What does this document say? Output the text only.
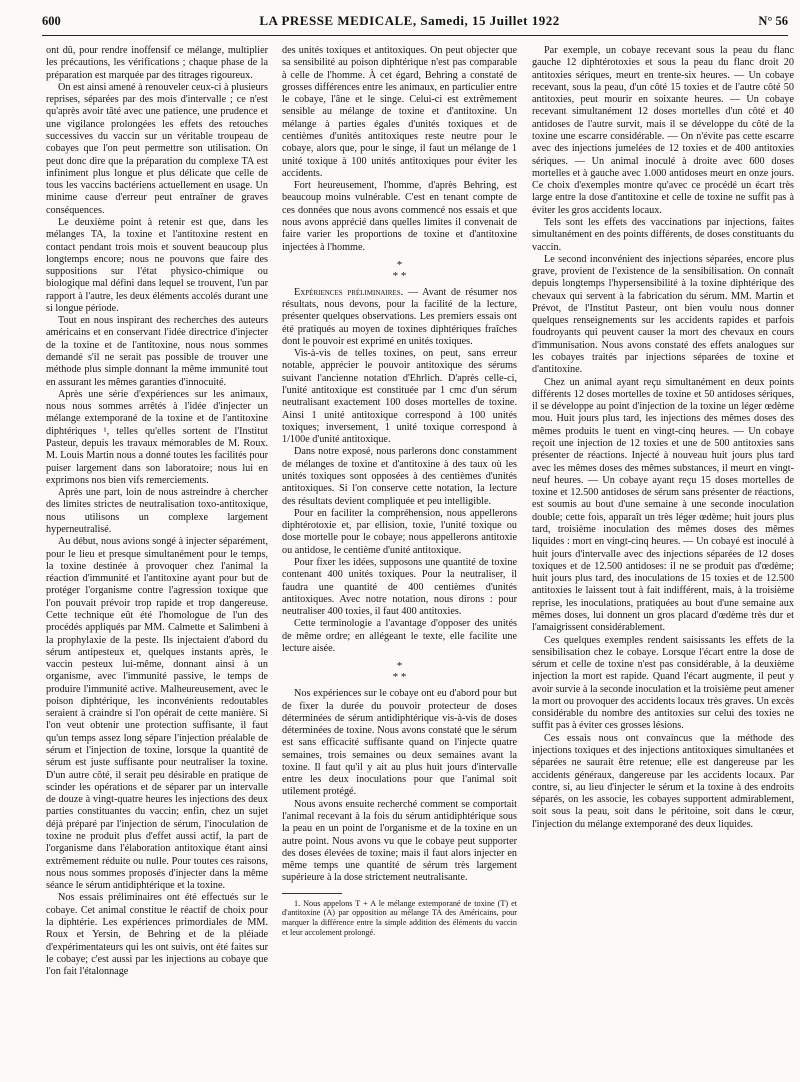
600	LA PRESSE MEDICALE, Samedi, 15 Juillet 1922	N° 56

ont dû, pour rendre inoffensif ce mélange, multiplier les précautions, les vérifications ; chaque phase de la préparation est marquée par des titrages rigoureux.

On est ainsi amené à renouveler ceux-ci à plusieurs reprises, séparées par des mois d'intervalle ; ce n'est qu'après avoir tâté avec une patience, une prudence et une vigilance prolongées les effets des retouches successives du vaccin sur un véritable troupeau de cobayes que l'on peut permettre son utilisation. On peut donc dire que la préparation du complexe TA est infiniment plus longue et plus délicate que celle de tous les vaccins bactériens actuellement en usage. Un minime cause d'erreur peut entraîner de graves conséquences.

Le deuxième point à retenir est que, dans les mélanges TA, la toxine et l'antitoxine restent en contact pendant trois mois et souvent beaucoup plus longtemps encore; nous ne pouvons que faire des suppositions sur l'état physico-chimique ou biologique mal défini dans lequel se trouvent, l'un par rapport à l'autre, les deux éléments accolés durant une si longue période.

Tout en nous inspirant des recherches des auteurs américains et en conservant l'idée directrice d'injecter de la toxine et de l'antitoxine, nous nous sommes demandé s'il ne serait pas possible de trouver une méthode plus simple donnant la même immunité tout en assurant les mêmes garanties d'innocuité.

Après une série d'expériences sur les animaux, nous nous sommes arrêtés à l'idée d'injecter un mélange extemporané de la toxine et de l'antitoxine diphtériques ¹, telles qu'elles sortent de l'Institut Pasteur, depuis les travaux mémorables de M. Roux. M. Louis Martin nous a donné toutes les facilités pour puiser largement dans son laboratoire; nous lui en exprimons nos bien vifs remerciements.

Après une part, loin de nous astreindre à chercher des limites strictes de neutralisation toxo-antitoxique, nous utilisons un complexe largement hyperneutralisé.

Au début, nous avions songé à injecter séparément, pour le lieu et presque simultanément pour le temps, la toxine destinée à provoquer chez l'animal la réaction d'immunité et l'antitoxine ayant pour but de protéger l'organisme contre l'agression toxique que l'on pouvait prévoir trop rapide et trop dangereuse. Cette technique eût été l'homologue de l'un des procédés appliqués par MM. Calmette et Salimbeni à la prophylaxie de la peste. Ils injectaient d'abord du sérum antipesteux et, quelques instants après, le vaccin pesteux lui-même, donnant ainsi à un organisme, avec l'immunité passive, le temps de produire l'immunité active. Malheureusement, avec le poison diphtérique, les inconvénients redoutables seraient à craindre si l'on opérait de cette manière. Si l'on veut obtenir une protection suffisante, il faut qu'un temps assez long sépare l'injection préalable de sérum et l'injection de toxine, lorsque la quantité de sérum est juste suffisante pour neutraliser la toxine. D'un autre côté, il serait peu désirable en pratique de scinder les opérations et de séparer par un intervalle de douze à vingt-quatre heures les injections des deux parties constituantes du vaccin; enfin, chez un sujet déjà préparé par l'injection de sérum, l'inoculation de toxine ne produit plus d'effet aussi actif, la part de l'organisme dans l'élaboration antitoxique étant ainsi extrêmement réduite ou nulle. Pour toutes ces raisons, nous nous sommes proposés d'injecter dans la même séance le sérum antidiphtérique et la toxine.

Nos essais préliminaires ont été effectués sur le cobaye. Cet animal constitue le réactif de choix pour la diphtérie. Les expériences primordiales de MM. Roux et Yersin, de Behring et de la pléiade d'expérimentateurs qui les ont suivis, ont été faites sur le cobaye; c'est aussi par les injections au cobaye que l'on fait l'étalonnage

des unités toxiques et antitoxiques. On peut objecter que sa sensibilité au poison diphtérique n'est pas comparable à celle de l'homme. À cet égard, Behring a constaté de grosses différences entre les animaux, en particulier entre le cobaye, l'âne et le singe. Celui-ci est extrêmement sensible au mélange de toxine et d'antitoxine. Un mélange à parties égales d'unités toxiques et de centièmes d'unités antitoxiques reste neutre pour le cobaye, alors que, pour le singe, il faut un mélange de 1 unité toxique à 100 unités antitoxiques pour éviter les accidents.

Fort heureusement, l'homme, d'après Behring, est beaucoup moins vulnérable. C'est en tenant compte de ces données que nous avons commencé nos essais et que nous avons apprécié dans quelles limites il convenait de faire varier les proportions de toxine et d'antitoxine injectées à l'homme.

*
* *

Expériences préliminaires. — Avant de résumer nos résultats, nous devons, pour la facilité de la lecture, présenter quelques observations. Les premiers essais ont été pratiqués au moyen de toxines diphtériques fraîches dont le pouvoir est exprimé en unités toxiques.

Vis-à-vis de telles toxines, on peut, sans erreur notable, apprécier le pouvoir antitoxique des sérums suivant l'ancienne notation d'Ehrlich. D'après celle-ci, l'unité antitoxique est constituée par 1 cmc d'un sérum neutralisant exactement 100 doses mortelles de toxine. Ainsi 1 unité antitoxique correspond à 100 unités toxiques; inversement, 1 unité toxique correspond à 1/100e d'unité antitoxique.

Dans notre exposé, nous parlerons donc constamment de mélanges de toxine et d'antitoxine à des taux où les unités toxiques sont opposées à des centièmes d'unités antitoxiques. Si l'on conserve cette notation, la lecture des résultats devient compliquée et peu intelligible.

Pour en faciliter la compréhension, nous appellerons diphtérotoxie et, par ellision, toxie, l'unité toxique ou dose mortelle pour le cobaye; nous appellerons antitoxie ou antidose, le centième d'unité antitoxique.

Pour fixer les idées, supposons une quantité de toxine contenant 400 unités toxiques. Pour la neutraliser, il faudra une quantité de 400 centièmes d'unités antitoxiques. Avec notre notation, nous dirons : pour neutraliser 400 toxies, il faut 400 antitoxies.

Cette terminologie a l'avantage d'opposer des unités de même ordre; en allégeant le texte, elle facilite une lecture aisée.

*
* *

Nos expériences sur le cobaye ont eu d'abord pour but de fixer la durée du pouvoir protecteur de doses déterminées de sérum antidiphtérique vis-à-vis de doses déterminées de toxine. Nous avons constaté que le sérum est sans efficacité suffisante quand on l'injecte quatre semaines, trois semaines ou deux semaines avant la toxine. Il faut qu'il y ait au plus huit jours d'intervalle entre les deux inoculations pour que l'animal soit utilement protégé.

Nous avons ensuite recherché comment se comportait l'animal recevant à la fois du sérum antidiphtérique sous la peau en un point de l'organisme et de la toxine en un autre point. Nous avons vu que le cobaye peut supporter des doses élevées de toxine; mais il faut alors injecter en même temps une quantité de sérum très largement supérieure à la dose strictement neutralisante.

1. Nous appelons T + A le mélange extemporané de toxine (T) et d'antitoxine (A) par opposition au mélange TA des Américains, pour marquer la différence entre la simple addition des éléments du vaccin et leur accolement prolongé.

Par exemple, un cobaye recevant sous la peau du flanc gauche 12 diphtérotoxies et sous la peau du flanc droit 20 antitoxies sériques, meurt en trente-six heures. — Un cobaye recevant, sous la peau, d'un côté 15 toxies et de l'autre côté 50 antitoxies, peut mourir en soixante heures. — Un cobaye recevant simultanément 12 doses mortelles d'un côté et 40 antidoses de l'autre survit, mais il se développe du côté de la toxine une escarre considérable. — On n'évite pas cette escarre avec des injections jumelées de 12 toxies et de 400 antitoxies sériques. — Un animal inoculé à droite avec 600 doses mortelles et à gauche avec 1.000 antidoses meurt en onze jours. Ce choix d'exemples montre qu'avec ce procédé un écart très large entre la dose d'antitoxine et celle de toxine ne suffit pas à éviter les gros accidents locaux.

Tels sont les effets des vaccinations par injections, faites simultanément en des points différents, de doses constituants du vaccin.

Le second inconvénient des injections séparées, encore plus grave, provient de l'existence de la sensibilisation. On connaît depuis longtemps l'hypersensibilité à la toxine diphtérique des chevaux qui servent à la fabrication du sérum. MM. Martin et Prévot, de l'Institut Pasteur, ont bien voulu nous donner quelques renseignements sur les accidents rapides et parfois foudroyants qui peuvent causer la mort des chevaux en cours d'immunisation. Nous avons constaté des effets analogues sur les cobayes traités par injections séparées de toxine et d'antitoxine.

Chez un animal ayant reçu simultanément en deux points différents 12 doses mortelles de toxine et 50 antidoses sériques, il se développe au point d'injection de la toxine un léger œdème mou. Huit jours plus tard, les injections des mêmes doses des mêmes produits le tuent en vingt-cinq heures. — Un cobaye reçoit une injection de 12 toxies et une de 500 antitoxies sans présenter de réactions. Injecté à nouveau huit jours plus tard avec les mêmes doses des mêmes substances, il meurt en vingt-neuf heures. — Un cobaye ayant reçu 15 doses mortelles de toxine et 12.500 antidoses de sérum sans présenter de réactions, est soumis au bout d'une semaine à une seconde inoculation double; cette fois, apparaît un très léger œdème; huit jours plus tard, troisième inoculation des mêmes doses des mêmes liquides : mort en vingt-cinq heures. — Un cobayé est inoculé à huit jours d'intervalle avec des injections séparées de 12 doses toxiques et de 12.500 antidoses: il ne se produit pas d'œdème; huit jours plus tard, des inoculations de 15 toxies et de 12.500 antitoxies le laissent tout à fait indifférent, mais, à la troisième reprise, les inoculations, pratiquées au bout d'une semaine aux mêmes doses, lui donnent un gros placard d'œdème très dur et l'amaigrissent considérablement.

Ces quelques exemples rendent saisissants les effets de la sensibilisation chez le cobaye. Lorsque l'écart entre la dose de sérum et celle de toxine n'est pas considérable, à la deuxième injection la mort est rapide. Quand l'écart augmente, il peut y avoir survie à la seconde inoculation et la troisième peut amener la mort ou provoquer des accidents locaux très graves. Un excès considérable du nombre des antitoxies sur celui des toxies ne suffit pas à éviter ces grosses lésions.

Ces essais nous ont convaincus que la méthode des injections toxiques et des injections antitoxiques simultanées et séparées ne saurait être retenue; elle est dangereuse par les accidents généraux, dangereuse par les accidents locaux. Par contre, si, au lieu d'injecter le sérum et la toxine à des endroits séparés, on les associe, les cobayes supportent admirablement, soit sous la peau, soit dans le péritoine, soit dans le cœur, l'injection du mélange extemporané des deux liquides.
